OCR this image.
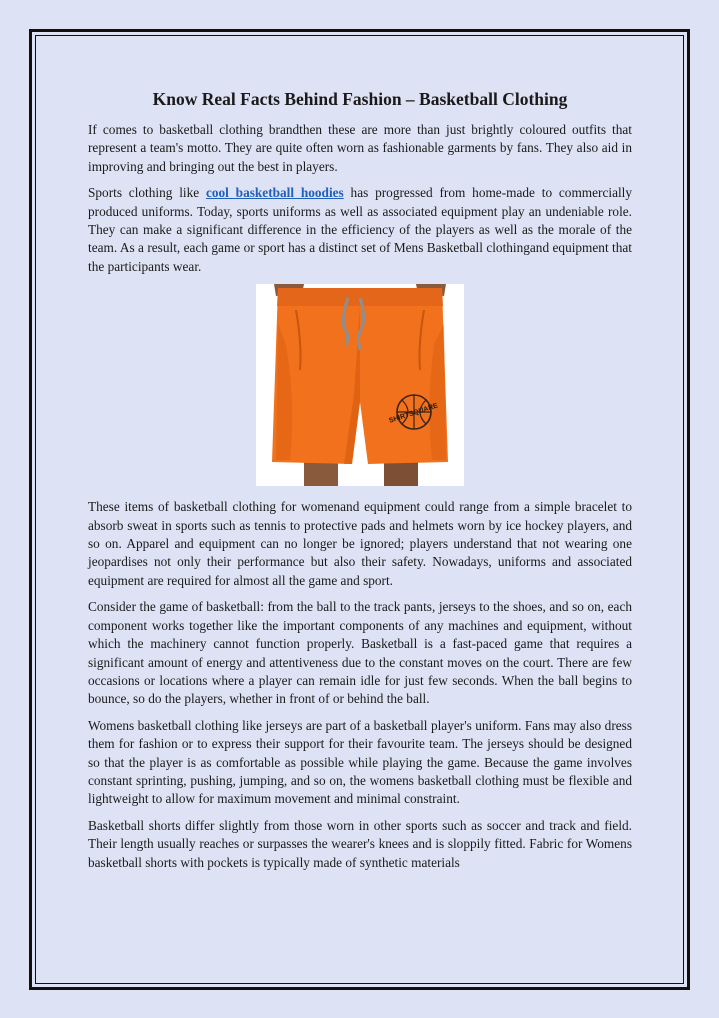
Know Real Facts Behind Fashion – Basketball Clothing

If comes to basketball clothing brandthen these are more than just brightly coloured outfits that represent a team's motto. They are quite often worn as fashionable garments by fans. They also aid in improving and bringing out the best in players.

Sports clothing like cool basketball hoodies has progressed from home-made to commercially produced uniforms. Today, sports uniforms as well as associated equipment play an undeniable role. They can make a significant difference in the efficiency of the players as well as the morale of the team. As a result, each game or sport has a distinct set of Mens Basketball clothingand equipment that the participants wear.

SHIRTSQUARE

These items of basketball clothing for womenand equipment could range from a simple bracelet to absorb sweat in sports such as tennis to protective pads and helmets worn by ice hockey players, and so on. Apparel and equipment can no longer be ignored; players understand that not wearing one jeopardises not only their performance but also their safety. Nowadays, uniforms and associated equipment are required for almost all the game and sport.

Consider the game of basketball: from the ball to the track pants, jerseys to the shoes, and so on, each component works together like the important components of any machines and equipment, without which the machinery cannot function properly. Basketball is a fast-paced game that requires a significant amount of energy and attentiveness due to the constant moves on the court. There are few occasions or locations where a player can remain idle for just few seconds. When the ball begins to bounce, so do the players, whether in front of or behind the ball.

Womens basketball clothing like jerseys are part of a basketball player's uniform. Fans may also dress them for fashion or to express their support for their favourite team. The jerseys should be designed so that the player is as comfortable as possible while playing the game. Because the game involves constant sprinting, pushing, jumping, and so on, the womens basketball clothing must be flexible and lightweight to allow for maximum movement and minimal constraint.

Basketball shorts differ slightly from those worn in other sports such as soccer and track and field. Their length usually reaches or surpasses the wearer's knees and is sloppily fitted. Fabric for Womens basketball shorts with pockets is typically made of synthetic materials
